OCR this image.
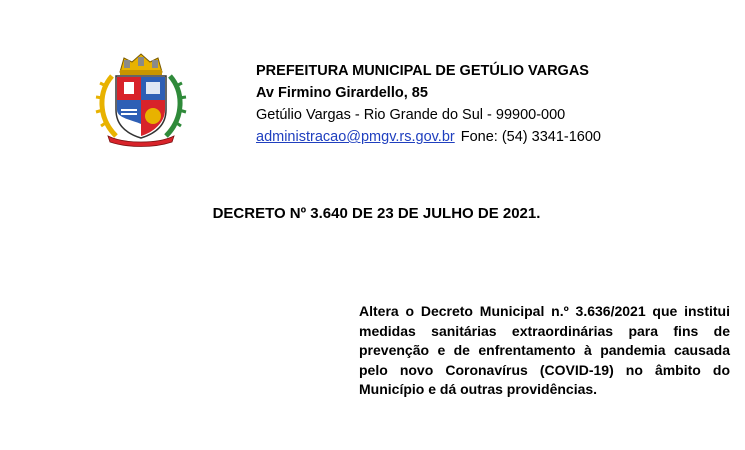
PREFEITURA MUNICIPAL DE GETÚLIO VARGAS
Av Firmino Girardello, 85
Getúlio Vargas - Rio Grande do Sul - 99900-000
administracao@pmgv.rs.gov.br Fone: (54) 3341-1600
DECRETO Nº 3.640 DE 23 DE JULHO DE 2021.
Altera o Decreto Municipal n.º 3.636/2021 que institui medidas sanitárias extraordinárias para fins de prevenção e de enfrentamento à pandemia causada pelo novo Coronavírus (COVID-19) no âmbito do Município e dá outras providências.
